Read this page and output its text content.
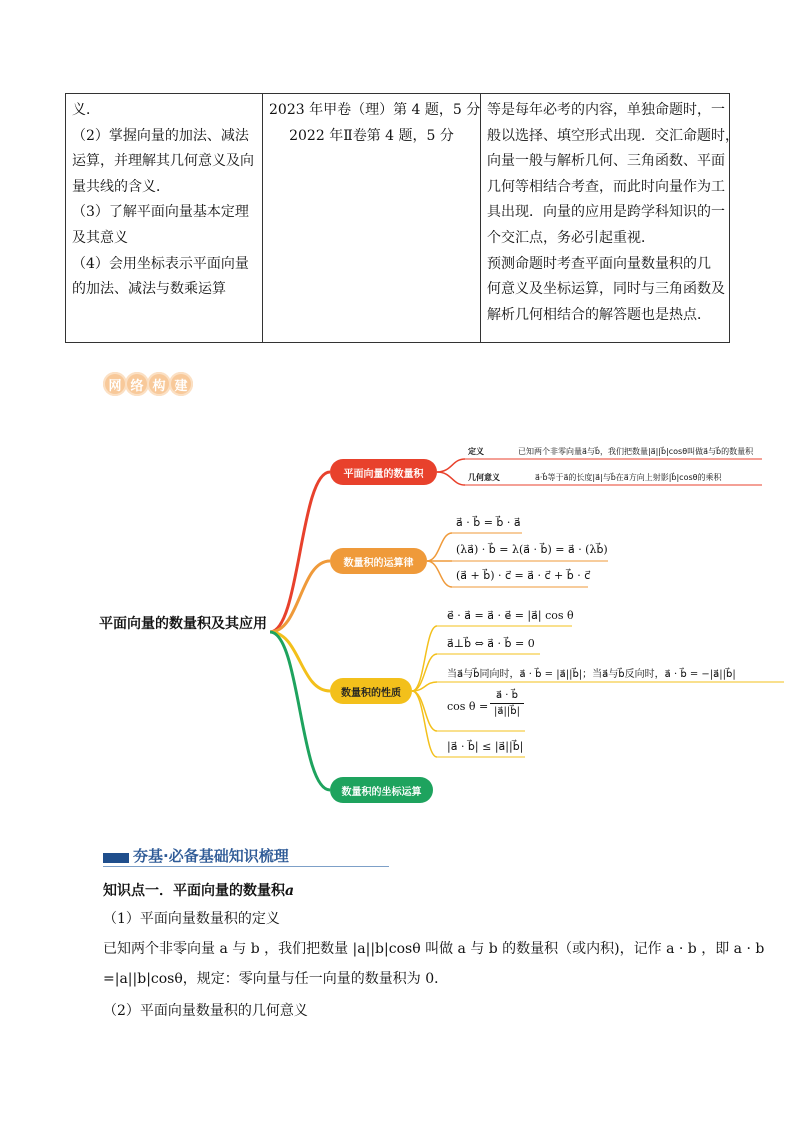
义．
（2）掌握向量的加法、减法
运算，并理解其几何意义及向
量共线的含义．
（3）了解平面向量基本定理
及其意义
（4）会用坐标表示平面向量
的加法、减法与数乘运算

2023 年甲卷（理）第 4 题，5 分
2022 年Ⅱ卷第 4 题，5 分

等是每年必考的内容，单独命题时，一
般以选择、填空形式出现．交汇命题时，
向量一般与解析几何、三角函数、平面
几何等相结合考查，而此时向量作为工
具出现．向量的应用是跨学科知识的一
个交汇点，务必引起重视．
预测命题时考查平面向量数量积的几
何意义及坐标运算，同时与三角函数及
解析几何相结合的解答题也是热点．
网 络 构 建
平面向量的数量积及其应用
平面向量的数量积
数量积的运算律
数量积的性质
数量积的坐标运算
定义	已知两个非零向量a⃗与b⃗，我们把数量|a⃗||b⃗|cosθ叫做a⃗与b⃗的数量积
几何意义	a⃗·b⃗等于a⃗的长度|a⃗|与b⃗在a⃗方向上射影|b⃗|cosθ的乘积
a⃗ · b⃗ = b⃗ · a⃗
(λa⃗) · b⃗ = λ(a⃗ · b⃗) = a⃗ · (λb⃗)
(a⃗ + b⃗) · c⃗ = a⃗ · c⃗ + b⃗ · c⃗
e⃗ · a⃗ = a⃗ · e⃗ = |a⃗| cos θ
a⃗⊥b⃗ ⇔ a⃗ · b⃗ = 0
当a⃗与b⃗同向时，a⃗ · b⃗ = |a⃗||b⃗|；当a⃗与b⃗反向时，a⃗ · b⃗ = −|a⃗||b⃗|
$\cos \theta = \frac{a⃗ \cdot b⃗}{|a⃗||b⃗|}$
|a⃗ · b⃗| ≤ |a⃗||b⃗|
夯基·必备基础知识梳理
知识点一．平面向量的数量积a
（1）平面向量数量积的定义
已知两个非零向量 a 与 b ，我们把数量 |a||b|cosθ 叫做 a 与 b 的数量积（或内积)，记作 a · b ，即 a · b
=|a||b|cosθ，规定：零向量与任一向量的数量积为 0．
（2）平面向量数量积的几何意义
